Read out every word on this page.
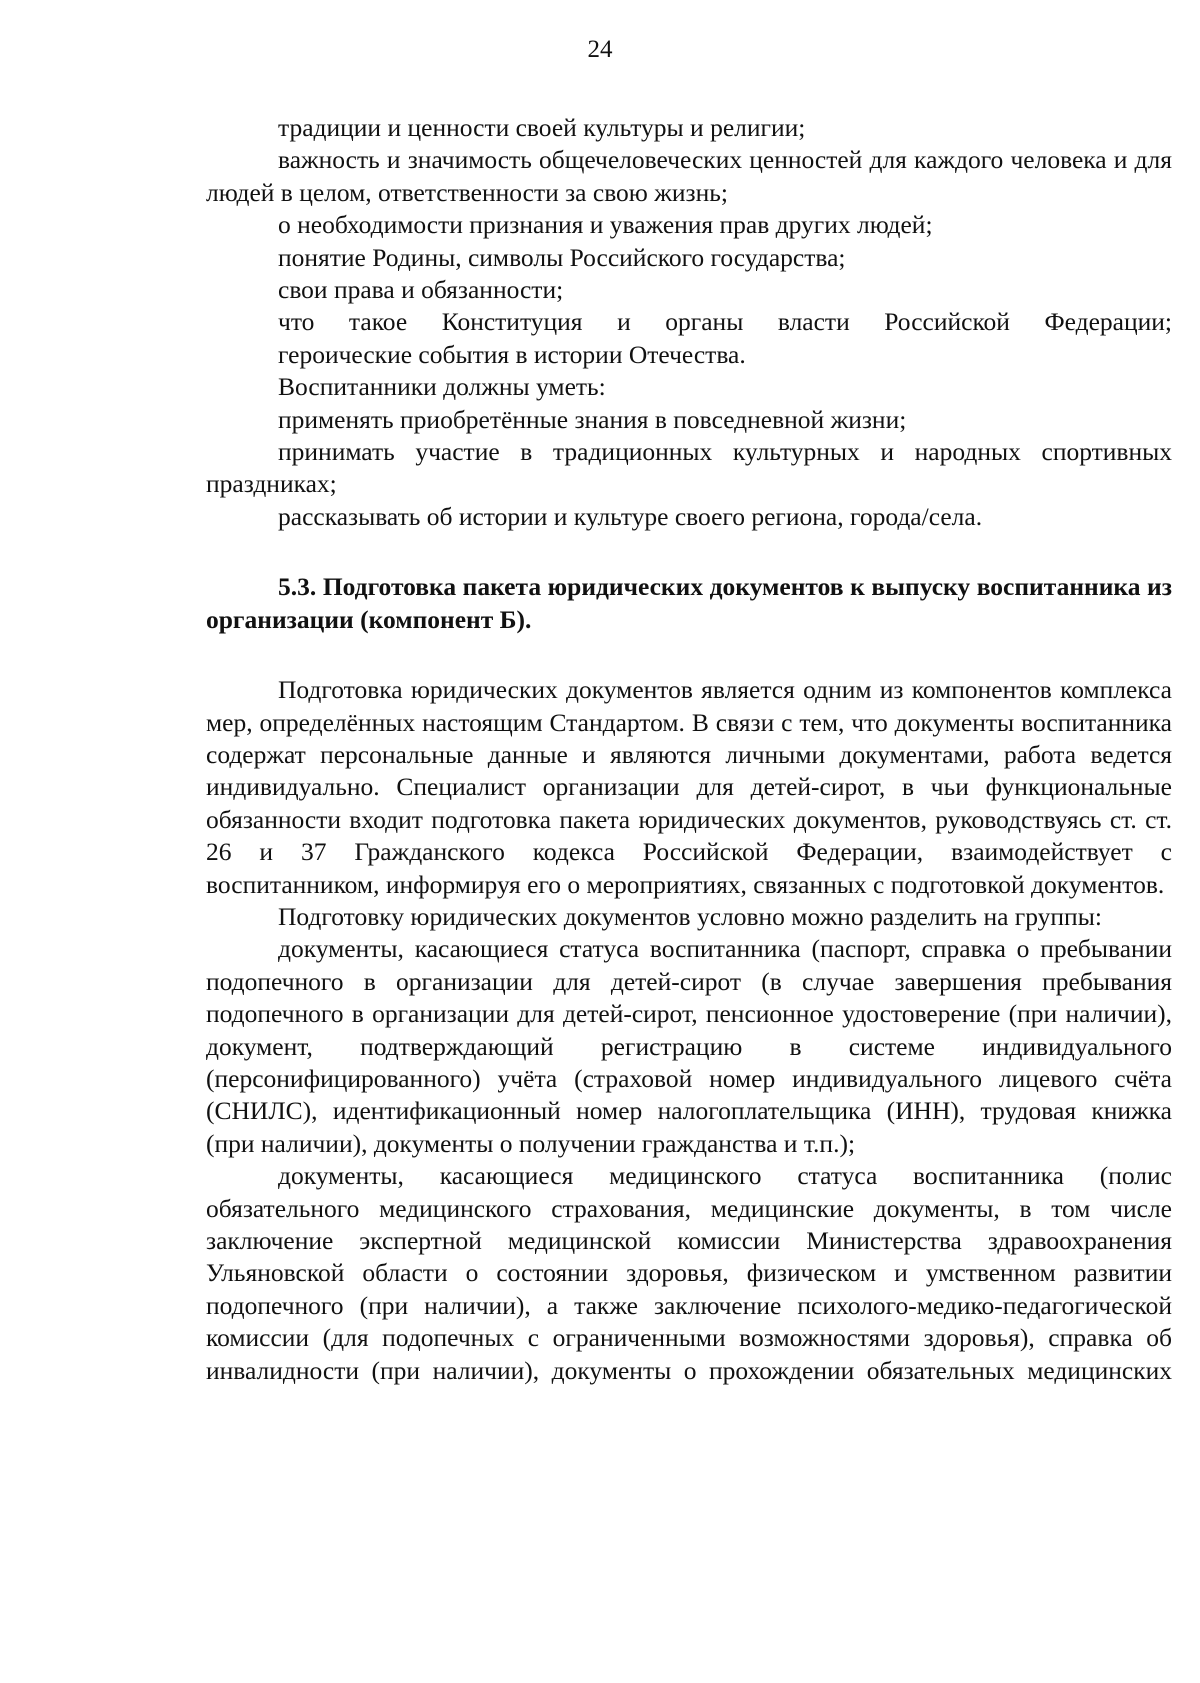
24

традиции и ценности своей культуры и религии;

важность и значимость общечеловеческих ценностей для каждого человека и для людей в целом, ответственности за свою жизнь;

о необходимости признания и уважения прав других людей;

понятие Родины, символы Российского государства;

свои права и обязанности;

что такое Конституция и органы власти Российской Федерации;

героические события в истории Отечества.

Воспитанники должны уметь:

применять приобретённые знания в повседневной жизни;

принимать участие в традиционных культурных и народных спортивных праздниках;

рассказывать об истории и культуре своего региона, города/села.

5.3. Подготовка пакета юридических документов к выпуску воспитанника из организации (компонент Б).

Подготовка юридических документов является одним из компонентов комплекса мер, определённых настоящим Стандартом. В связи с тем, что документы воспитанника содержат персональные данные и являются личными документами, работа ведется индивидуально. Специалист организации для детей-сирот, в чьи функциональные обязанности входит подготовка пакета юридических документов, руководствуясь ст. ст. 26 и 37 Гражданского кодекса Российской Федерации, взаимодействует с воспитанником, информируя его о мероприятиях, связанных с подготовкой документов.

Подготовку юридических документов условно можно разделить на группы:

документы, касающиеся статуса воспитанника (паспорт, справка о пребывании подопечного в организации для детей-сирот (в случае завершения пребывания подопечного в организации для детей-сирот, пенсионное удостоверение (при наличии), документ, подтверждающий регистрацию в системе индивидуального (персонифицированного) учёта (страховой номер индивидуального лицевого счёта (СНИЛС), идентификационный номер налогоплательщика (ИНН), трудовая книжка (при наличии), документы о получении гражданства и т.п.);

документы, касающиеся медицинского статуса воспитанника (полис обязательного медицинского страхования, медицинские документы, в том числе заключение экспертной медицинской комиссии Министерства здравоохранения Ульяновской области о состоянии здоровья, физическом и умственном развитии подопечного (при наличии), а также заключение психолого-медико-педагогической комиссии (для подопечных с ограниченными возможностями здоровья), справка об инвалидности (при наличии), документы о прохождении обязательных медицинских
